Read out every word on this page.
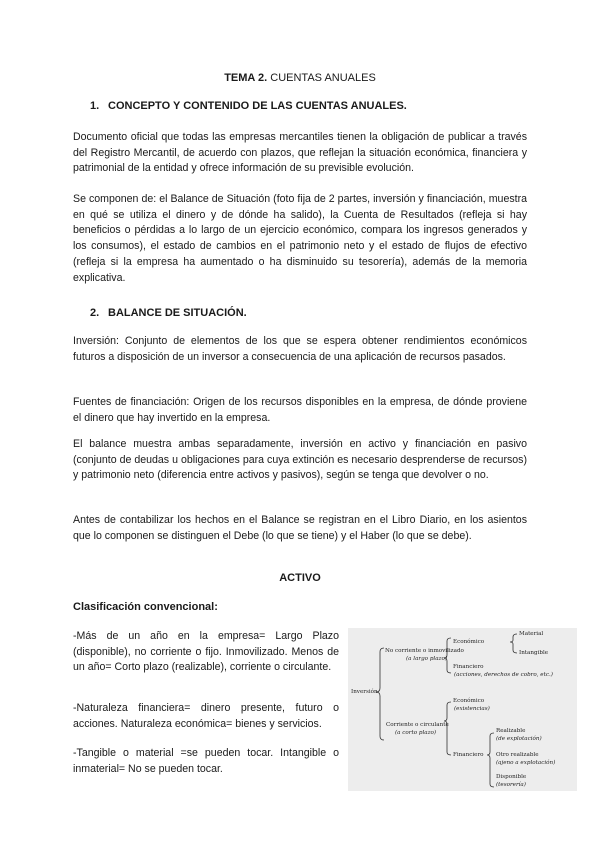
TEMA 2. CUENTAS ANUALES
1. CONCEPTO Y CONTENIDO DE LAS CUENTAS ANUALES.
Documento oficial que todas las empresas mercantiles tienen la obligación de publicar a través del Registro Mercantil, de acuerdo con plazos, que reflejan la situación económica, financiera y patrimonial de la entidad y ofrece información de su previsible evolución.
Se componen de: el Balance de Situación (foto fija de 2 partes, inversión y financiación, muestra en qué se utiliza el dinero y de dónde ha salido), la Cuenta de Resultados (refleja si hay beneficios o pérdidas a lo largo de un ejercicio económico, compara los ingresos generados y los consumos), el estado de cambios en el patrimonio neto y el estado de flujos de efectivo (refleja si la empresa ha aumentado o ha disminuido su tesorería), además de la memoria explicativa.
2. BALANCE DE SITUACIÓN.
Inversión: Conjunto de elementos de los que se espera obtener rendimientos económicos futuros a disposición de un inversor a consecuencia de una aplicación de recursos pasados.
Fuentes de financiación: Origen de los recursos disponibles en la empresa, de dónde proviene el dinero que hay invertido en la empresa.
El balance muestra ambas separadamente, inversión en activo y financiación en pasivo (conjunto de deudas u obligaciones para cuya extinción es necesario desprenderse de recursos) y patrimonio neto (diferencia entre activos y pasivos), según se tenga que devolver o no.
Antes de contabilizar los hechos en el Balance se registran en el Libro Diario, en los asientos que lo componen se distinguen el Debe (lo que se tiene) y el Haber (lo que se debe).
ACTIVO
Clasificación convencional:
-Más de un año en la empresa= Largo Plazo (disponible), no corriente o fijo. Inmovilizado. Menos de un año= Corto plazo (realizable), corriente o circulante.
-Naturaleza financiera= dinero presente, futuro o acciones. Naturaleza económica= bienes y servicios.
-Tangible o material =se pueden tocar. Intangible o inmaterial= No se pueden tocar.
Inversión
No corriente o inmovilizado
(a largo plazo)
Económico
Material
Intangible
Financiero
(acciones, derechos de cobro, etc.)
Corriente o circulante
(a corto plazo)
Económico
(existencias)
Financiero
Realizable
(de explotación)
Otro realizable
(ajeno a explotación)
Disponible
(tesorería)
